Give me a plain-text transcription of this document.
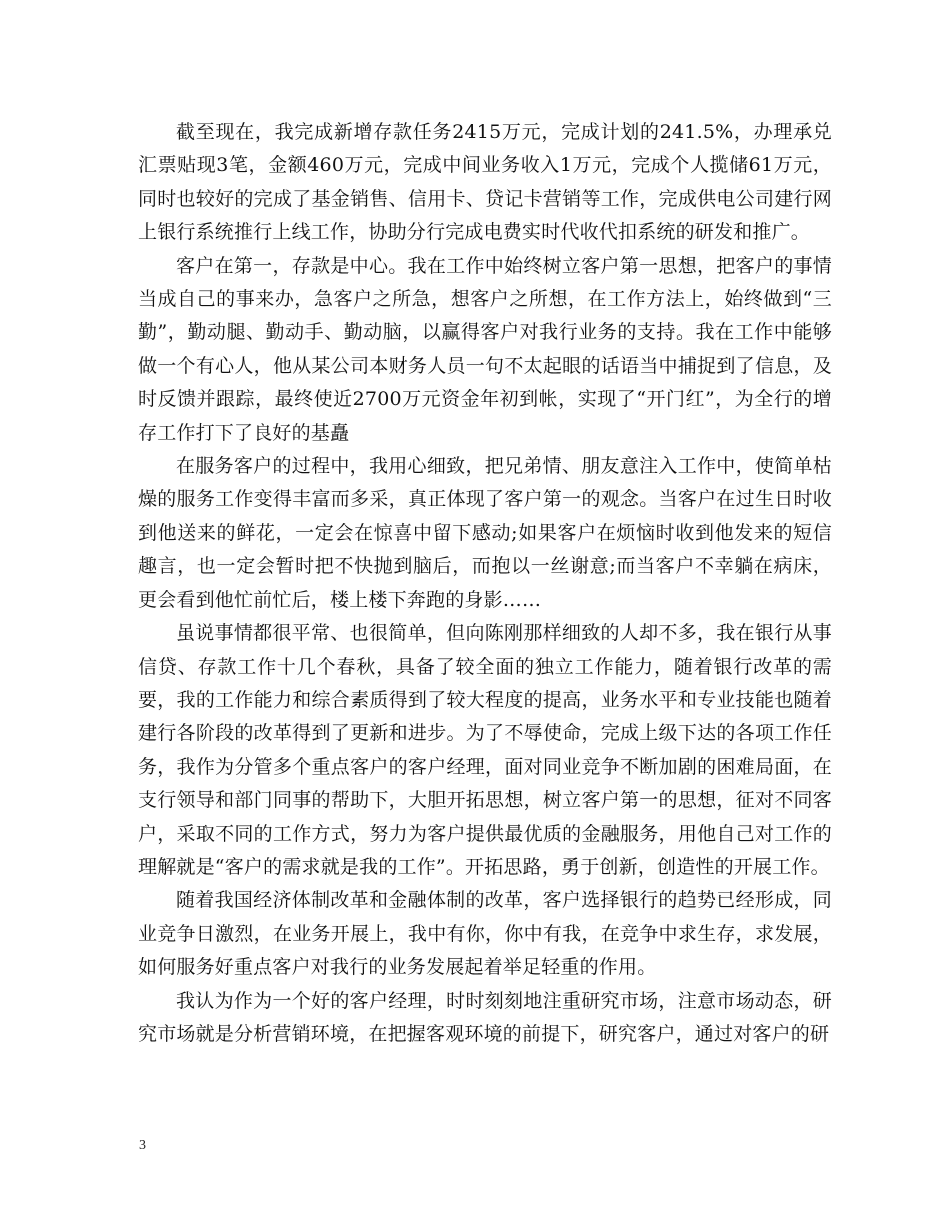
截至现在，我完成新增存款任务2415万元，完成计划的241.5%，办理承兑汇票贴现3笔，金额460万元，完成中间业务收入1万元，完成个人揽储61万元，同时也较好的完成了基金销售、信用卡、贷记卡营销等工作，完成供电公司建行网上银行系统推行上线工作，协助分行完成电费实时代收代扣系统的研发和推广。

客户在第一，存款是中心。我在工作中始终树立客户第一思想，把客户的事情当成自己的事来办，急客户之所急，想客户之所想，在工作方法上，始终做到“三勤”，勤动腿、勤动手、勤动脑，以赢得客户对我行业务的支持。我在工作中能够做一个有心人，他从某公司本财务人员一句不太起眼的话语当中捕捉到了信息，及时反馈并跟踪，最终使近2700万元资金年初到帐，实现了“开门红”，为全行的增存工作打下了良好的基矗

在服务客户的过程中，我用心细致，把兄弟情、朋友意注入工作中，使简单枯燥的服务工作变得丰富而多采，真正体现了客户第一的观念。当客户在过生日时收到他送来的鲜花，一定会在惊喜中留下感动;如果客户在烦恼时收到他发来的短信趣言，也一定会暂时把不快抛到脑后，而抱以一丝谢意;而当客户不幸躺在病床，更会看到他忙前忙后，楼上楼下奔跑的身影……

虽说事情都很平常、也很简单，但向陈刚那样细致的人却不多，我在银行从事信贷、存款工作十几个春秋，具备了较全面的独立工作能力，随着银行改革的需要，我的工作能力和综合素质得到了较大程度的提高，业务水平和专业技能也随着建行各阶段的改革得到了更新和进步。为了不辱使命，完成上级下达的各项工作任务，我作为分管多个重点客户的客户经理，面对同业竞争不断加剧的困难局面，在支行领导和部门同事的帮助下，大胆开拓思想，树立客户第一的思想，征对不同客户，采取不同的工作方式，努力为客户提供最优质的金融服务，用他自己对工作的理解就是“客户的需求就是我的工作”。开拓思路，勇于创新，创造性的开展工作。

随着我国经济体制改革和金融体制的改革，客户选择银行的趋势已经形成，同业竞争日激烈，在业务开展上，我中有你，你中有我，在竞争中求生存，求发展，如何服务好重点客户对我行的业务发展起着举足轻重的作用。

我认为作为一个好的客户经理，时时刻刻地注重研究市场，注意市场动态，研究市场就是分析营销环境，在把握客观环境的前提下，研究客户，通过对客户的研

3
